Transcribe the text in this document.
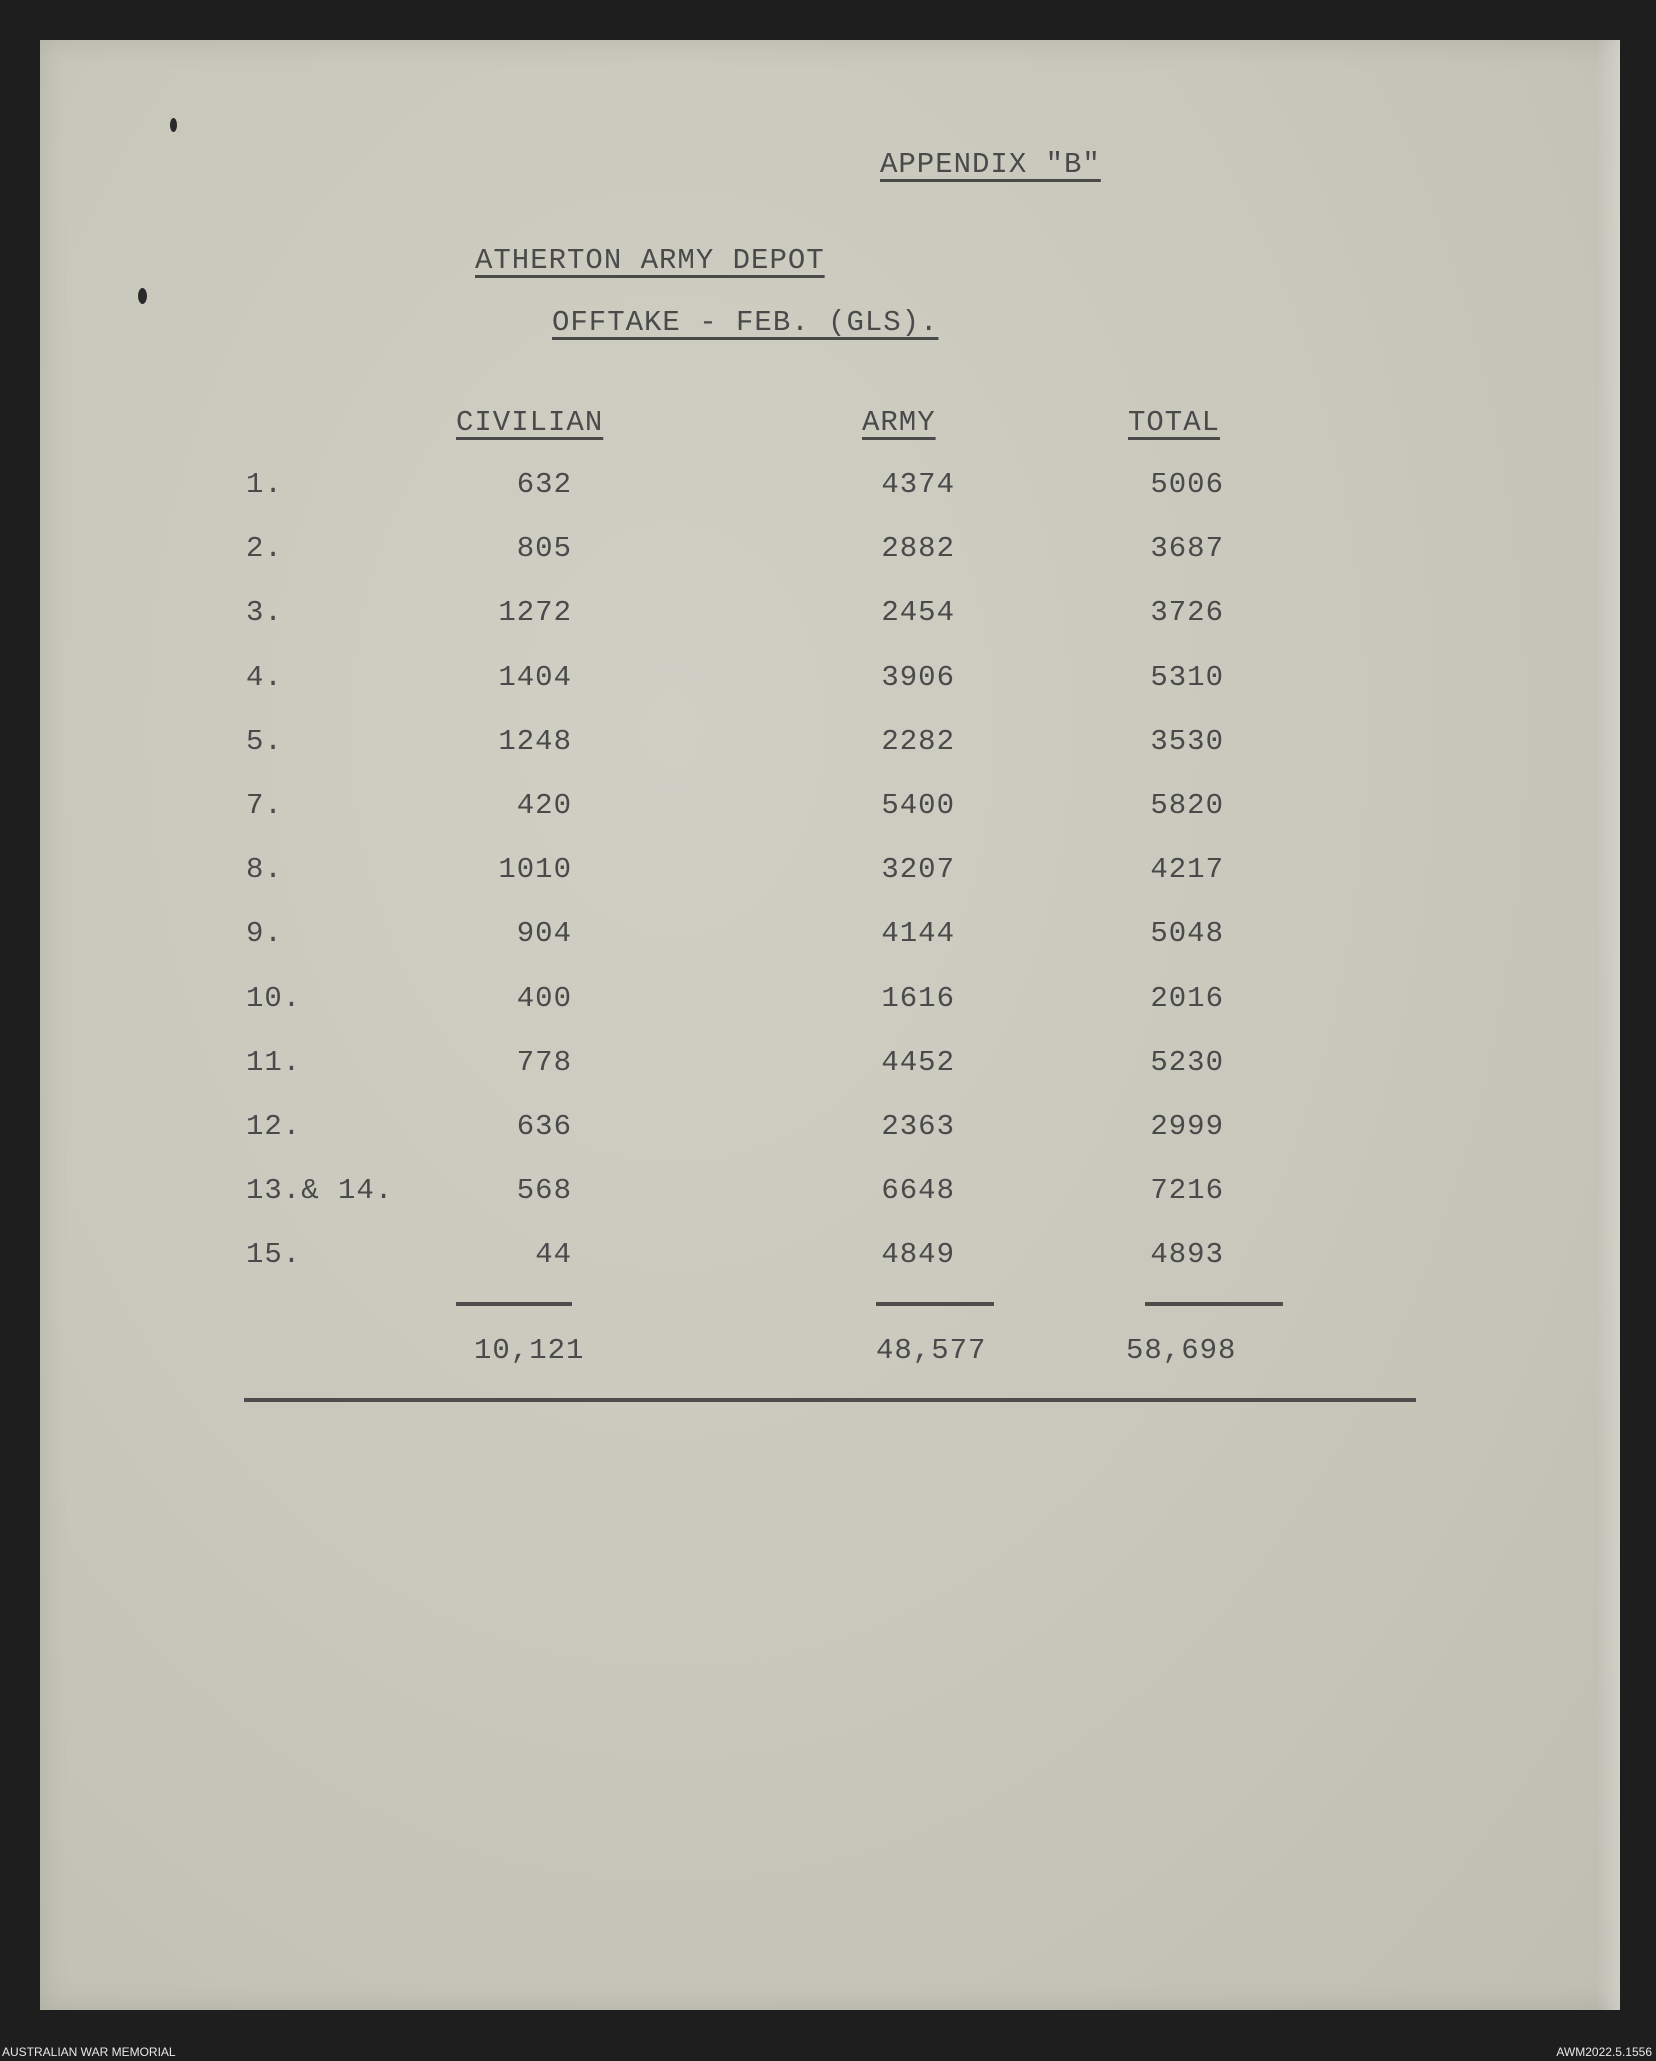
APPENDIX "B"
ATHERTON ARMY DEPOT
OFFTAKE - FEB. (GLS).
CIVILIAN	ARMY	TOTAL
1.	632	4374	5006
2.	805	2882	3687
3.	1272	2454	3726
4.	1404	3906	5310
5.	1248	2282	3530
7.	420	5400	5820
8.	1010	3207	4217
9.	904	4144	5048
10.	400	1616	2016
11.	778	4452	5230
12.	636	2363	2999
13.& 14.	568	6648	7216
15.	44	4849	4893
10,121	48,577	58,698
AUSTRALIAN WAR MEMORIAL	AWM2022.5.1556
